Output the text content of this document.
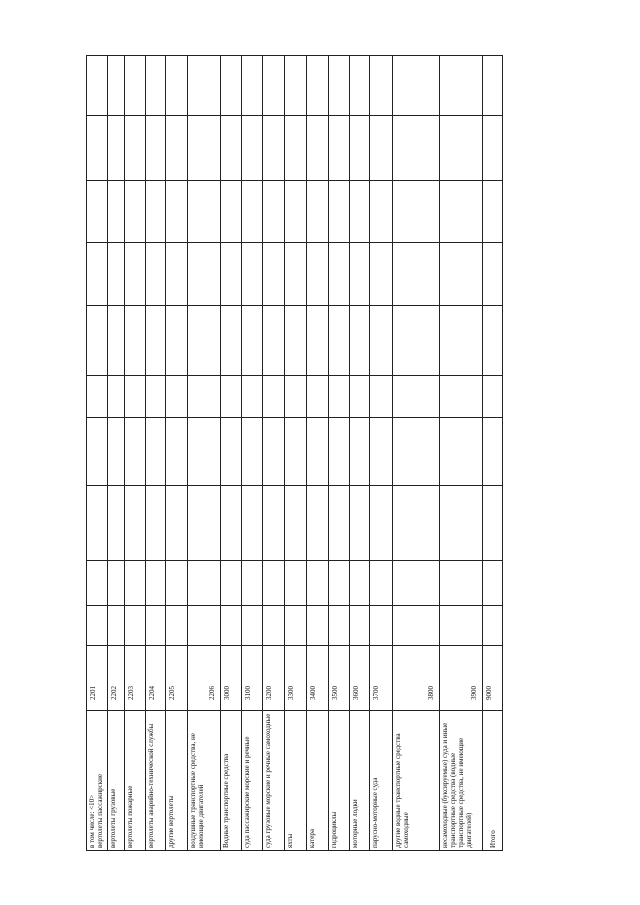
в том числе: <10>
вертолеты пассажирские
2201
вертолеты грузовые
2202
вертолеты пожарные
2203
вертолеты аварийно-технической службы
2204
другие вертолеты
2205
воздушные транспортные средства, не имеющие двигателей
2206
Водные транспортные средства
3000
суда пассажирские морские и речные
3100
суда грузовые морские и речные самоходные
3200
яхты
3300
катера
3400
гидроциклы
3500
моторные лодки
3600
парусно-моторные суда
3700
другие водные транспортные средства самоходные
3800
несамоходные (буксируемые) суда и иные транспортные средства (водные транспортные средства, не имеющие двигателей)
3900
Итого
9000
